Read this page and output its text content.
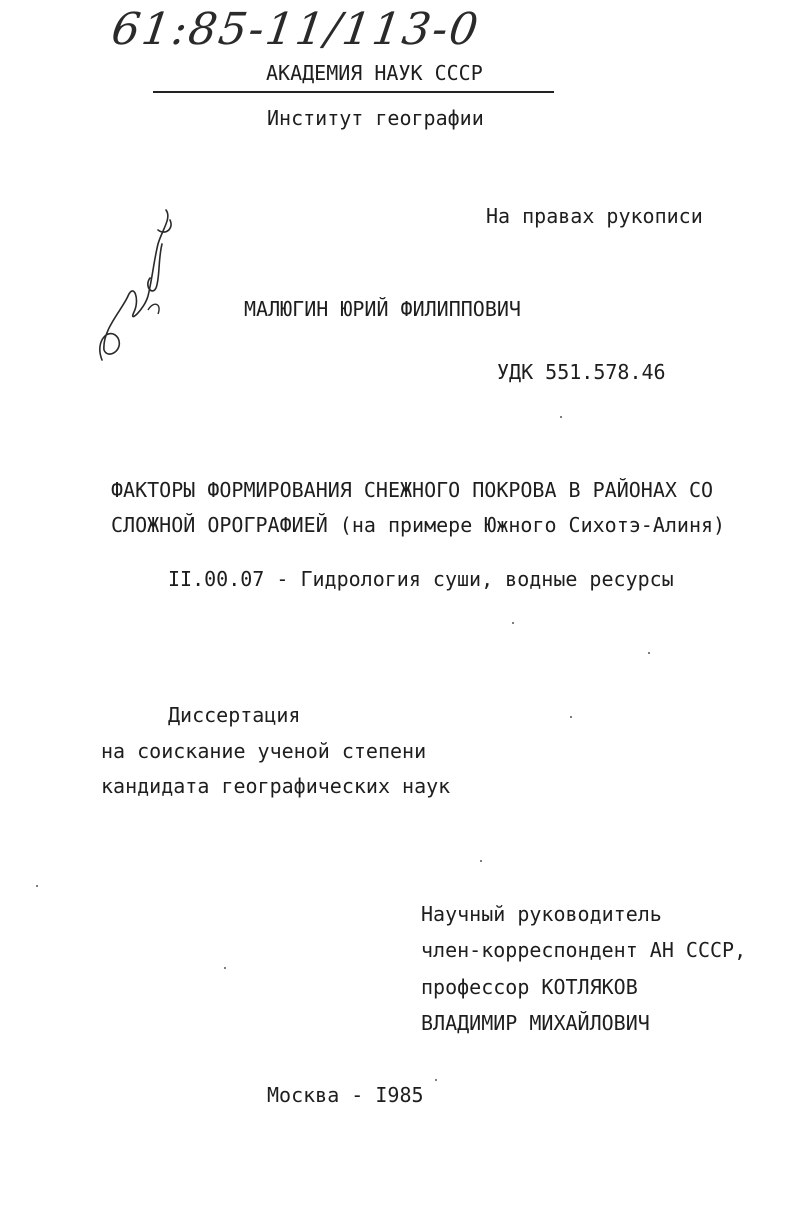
61:85-11/113-0
АКАДЕМИЯ НАУК СССР
Институт географии
На правах рукописи
МАЛЮГИН ЮРИЙ ФИЛИППОВИЧ
УДК 551.578.46
ФАКТОРЫ ФОРМИРОВАНИЯ СНЕЖНОГО ПОКРОВА В РАЙОНАХ СО
СЛОЖНОЙ ОРОГРАФИЕЙ (на примере Южного Сихотэ-Алиня)
II.00.07 - Гидрология суши, водные ресурсы
Диссертация
на соискание ученой степени
кандидата географических наук
Научный руководитель
член-корреспондент АН СССР,
профессор КОТЛЯКОВ
ВЛАДИМИР МИХАЙЛОВИЧ
Москва - I985
